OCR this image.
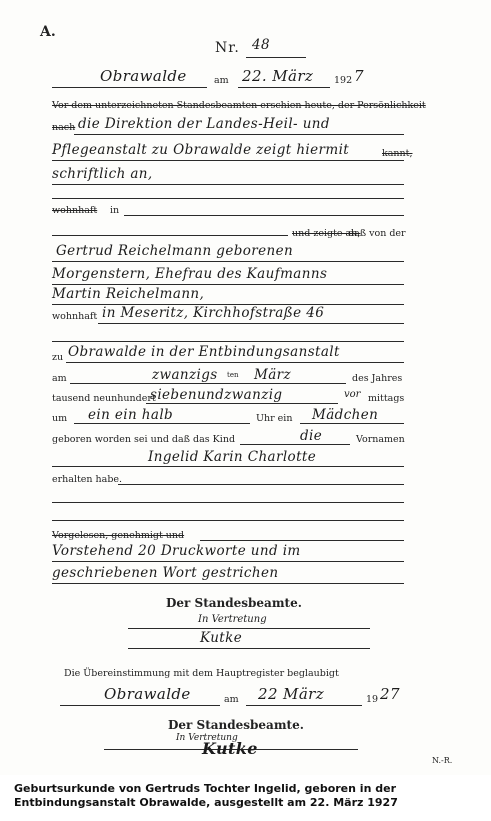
A.
Nr. 48
Obrawalde	am 22. März 192 7
Vor dem unterzeichneten Standesbeamten erschien heute, der Persönlichkeit
nach die Direktion der Landes-Heil- und
Pflegeanstalt zu Obrawalde zeigt hiermit	kannt,
schriftlich an,
wohnhaft in
und zeigte an,
daß von der
Gertrud Reichelmann geborenen
Morgenstern, Ehefrau des Kaufmanns
Martin Reichelmann,
wohnhaft in Meseritz, Kirchhofstraße 46
zu Obrawalde in der Entbindungsanstalt
am	zwanzigs ten März	des Jahres
tausend neunhundert
siebenundzwanzig	vor mittags
um ein ein halb	Uhr ein Mädchen
geboren worden sei und daß das Kind	die	Vornamen
Ingelid Karin Charlotte
erhalten habe.
Vorgelesen, genehmigt und
Vorstehend 20 Druckworte und im
geschriebenen Wort gestrichen
Der Standesbeamte.
In Vertretung
Kutke
Die Übereinstimmung mit dem Hauptregister beglaubigt
Obrawalde	am 22 März	19 27
Der Standesbeamte.
In Vertretung
Kutke
N.-R.
Geburtsurkunde von Gertruds Tochter Ingelid, geboren in der Entbindungsanstalt Obrawalde, ausgestellt am 22. März 1927
